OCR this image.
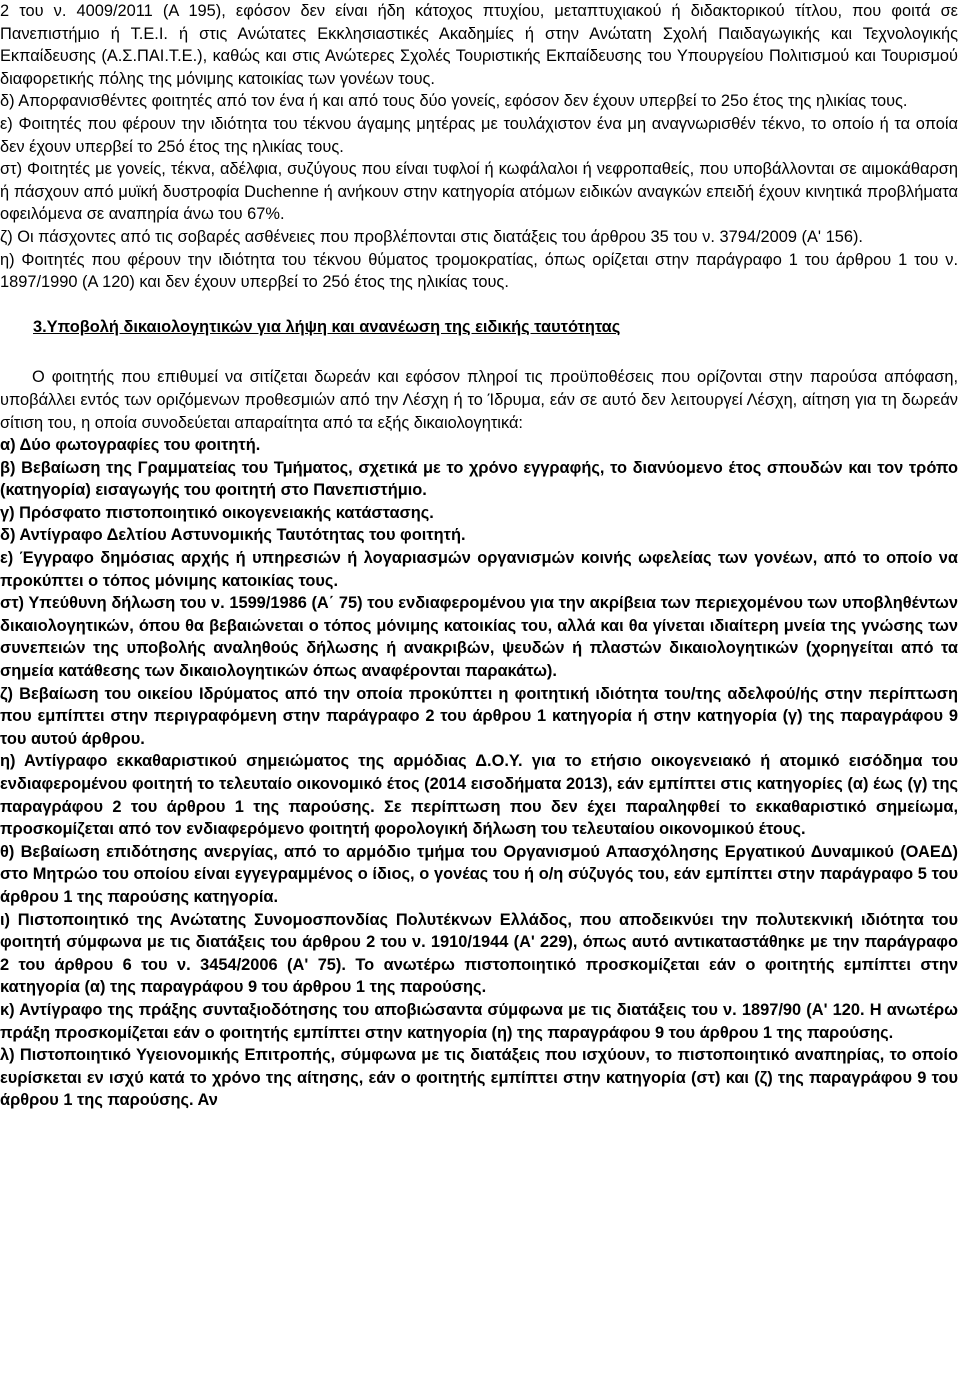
2 του ν. 4009/2011 (Α 195), εφόσον δεν είναι ήδη κάτοχος πτυχίου, μεταπτυχιακού ή διδακτορικού τίτλου, που φοιτά σε Πανεπιστήμιο ή Τ.Ε.Ι. ή στις Ανώτατες Εκκλησιαστικές Ακαδημίες ή στην Ανώτατη Σχολή Παιδαγωγικής και Τεχνολογικής Εκπαίδευσης (Α.Σ.ΠΑΙ.Τ.Ε.), καθώς και στις Ανώτερες Σχολές Τουριστικής Εκπαίδευσης του Υπουργείου Πολιτισμού και Τουρισμού διαφορετικής πόλης της μόνιμης κατοικίας των γονέων τους.

δ) Απορφανισθέντες φοιτητές από τον ένα ή και από τους δύο γονείς, εφόσον δεν έχουν υπερβεί το 25ο έτος της ηλικίας τους.

ε) Φοιτητές που φέρουν την ιδιότητα του τέκνου άγαμης μητέρας με τουλάχιστον ένα μη αναγνωρισθέν τέκνο, το οποίο ή τα οποία δεν έχουν υπερβεί το 25ό έτος της ηλικίας τους.

στ) Φοιτητές με γονείς, τέκνα, αδέλφια, συζύγους που είναι τυφλοί ή κωφάλαλοι ή νεφροπαθείς, που υποβάλλονται σε αιμοκάθαρση ή πάσχουν από μυϊκή δυστροφία Duchenne ή ανήκουν στην κατηγορία ατόμων ειδικών αναγκών επειδή έχουν κινητικά προβλήματα οφειλόμενα σε αναπηρία άνω του 67%.

ζ) Οι πάσχοντες από τις σοβαρές ασθένειες που προβλέπονται στις διατάξεις του άρθρου 35 του ν. 3794/2009 (Α' 156).

η) Φοιτητές που φέρουν την ιδιότητα του τέκνου θύματος τρομοκρατίας, όπως ορίζεται στην παράγραφο 1 του άρθρου 1 του ν. 1897/1990 (Α 120) και δεν έχουν υπερβεί το 25ό έτος της ηλικίας τους.

3.Υποβολή δικαιολογητικών για λήψη και ανανέωση της ειδικής ταυτότητας

Ο φοιτητής που επιθυμεί να σιτίζεται δωρεάν και εφόσον πληροί τις προϋποθέσεις που ορίζονται στην παρούσα απόφαση, υποβάλλει εντός των οριζόμενων προθεσμιών από την Λέσχη ή το Ίδρυμα, εάν σε αυτό δεν λειτουργεί Λέσχη, αίτηση για τη δωρεάν σίτιση του, η οποία συνοδεύεται απαραίτητα από τα εξής δικαιολογητικά:

α) Δύο φωτογραφίες του φοιτητή.

β) Βεβαίωση της Γραμματείας του Τμήματος, σχετικά με το χρόνο εγγραφής, το διανύομενο έτος σπουδών και τον τρόπο (κατηγορία) εισαγωγής του φοιτητή στο Πανεπιστήμιο.

γ) Πρόσφατο πιστοποιητικό οικογενειακής κατάστασης.

δ) Αντίγραφο Δελτίου Αστυνομικής Ταυτότητας του φοιτητή.

ε) Έγγραφο δημόσιας αρχής ή υπηρεσιών ή λογαριασμών οργανισμών κοινής ωφελείας των γονέων, από το οποίο να προκύπτει ο τόπος μόνιμης κατοικίας τους.

στ) Υπεύθυνη δήλωση του ν. 1599/1986 (Α΄ 75) του ενδιαφερομένου για την ακρίβεια των περιεχομένου των υποβληθέντων δικαιολογητικών, όπου θα βεβαιώνεται ο τόπος μόνιμης κατοικίας του, αλλά και θα γίνεται ιδιαίτερη μνεία της γνώσης των συνεπειών της υποβολής αναληθούς δήλωσης ή ανακριβών, ψευδών ή πλαστών δικαιολογητικών (χορηγείται από τα σημεία κατάθεσης των δικαιολογητικών όπως αναφέρονται παρακάτω).

ζ) Βεβαίωση του οικείου Ιδρύματος από την οποία προκύπτει η φοιτητική ιδιότητα του/της αδελφού/ής στην περίπτωση που εμπίπτει στην περιγραφόμενη στην παράγραφο 2 του άρθρου 1 κατηγορία ή στην κατηγορία (γ) της παραγράφου 9 του αυτού άρθρου.

η) Αντίγραφο εκκαθαριστικού σημειώματος της αρμόδιας Δ.Ο.Υ. για το ετήσιο οικογενειακό ή ατομικό εισόδημα του ενδιαφερομένου φοιτητή το τελευταίο οικονομικό έτος (2014 εισοδήματα 2013), εάν εμπίπτει στις κατηγορίες (α) έως (γ) της παραγράφου 2 του άρθρου 1 της παρούσης. Σε περίπτωση που δεν έχει παραληφθεί το εκκαθαριστικό σημείωμα, προσκομίζεται από τον ενδιαφερόμενο φοιτητή φορολογική δήλωση του τελευταίου οικονομικού έτους.

θ) Βεβαίωση επιδότησης ανεργίας, από το αρμόδιο τμήμα του Οργανισμού Απασχόλησης Εργατικού Δυναμικού (ΟΑΕΔ) στο Μητρώο του οποίου είναι εγγεγραμμένος ο ίδιος, ο γονέας του ή ο/η σύζυγός του, εάν εμπίπτει στην παράγραφο 5 του άρθρου 1 της παρούσης κατηγορία.

ι) Πιστοποιητικό της Ανώτατης Συνομοσπονδίας Πολυτέκνων Ελλάδος, που αποδεικνύει την πολυτεκνική ιδιότητα του φοιτητή σύμφωνα με τις διατάξεις του άρθρου 2 του ν. 1910/1944 (Α' 229), όπως αυτό αντικαταστάθηκε με την παράγραφο 2 του άρθρου 6 του ν. 3454/2006 (Α' 75). Το ανωτέρω πιστοποιητικό προσκομίζεται εάν ο φοιτητής εμπίπτει στην κατηγορία (α) της παραγράφου 9 του άρθρου 1 της παρούσης.

κ) Αντίγραφο της πράξης συνταξιοδότησης του αποβιώσαντα σύμφωνα με τις διατάξεις του ν. 1897/90 (Α' 120. Η ανωτέρω πράξη προσκομίζεται εάν ο φοιτητής εμπίπτει στην κατηγορία (η) της παραγράφου 9 του άρθρου 1 της παρούσης.

λ) Πιστοποιητικό Υγειονομικής Επιτροπής, σύμφωνα με τις διατάξεις που ισχύουν, το πιστοποιητικό αναπηρίας, το οποίο ευρίσκεται εν ισχύ κατά το χρόνο της αίτησης, εάν ο φοιτητής εμπίπτει στην κατηγορία (στ) και (ζ) της παραγράφου 9 του άρθρου 1 της παρούσης. Αν
